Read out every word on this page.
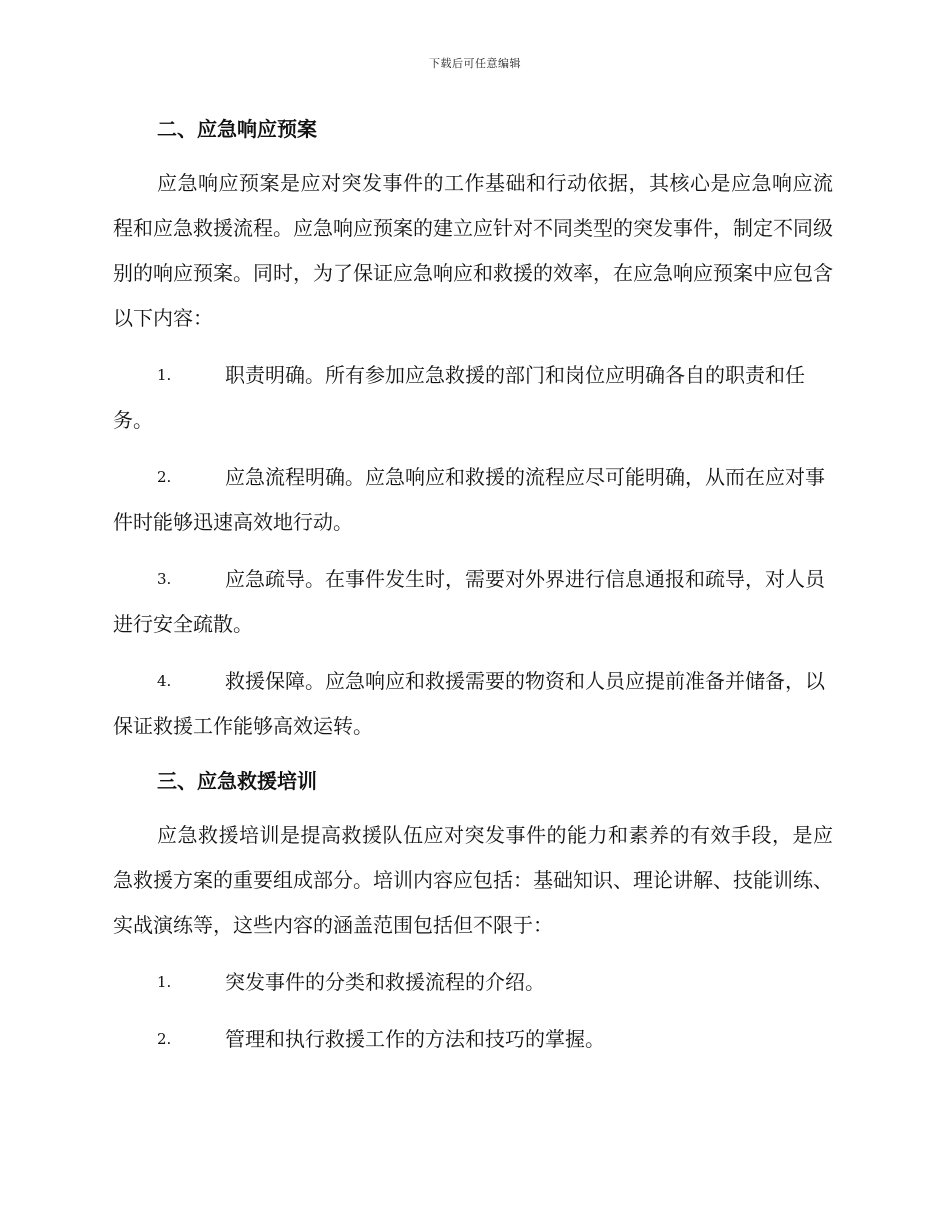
下载后可任意编辑
二、应急响应预案

应急响应预案是应对突发事件的工作基础和行动依据，其核心是应急响应流程和应急救援流程。应急响应预案的建立应针对不同类型的突发事件，制定不同级别的响应预案。同时，为了保证应急响应和救援的效率，在应急响应预案中应包含以下内容：

1.	职责明确。所有参加应急救援的部门和岗位应明确各自的职责和任务。
2.	应急流程明确。应急响应和救援的流程应尽可能明确，从而在应对事件时能够迅速高效地行动。
3.	应急疏导。在事件发生时，需要对外界进行信息通报和疏导，对人员进行安全疏散。
4.	救援保障。应急响应和救援需要的物资和人员应提前准备并储备，以保证救援工作能够高效运转。
三、应急救援培训

应急救援培训是提高救援队伍应对突发事件的能力和素养的有效手段，是应急救援方案的重要组成部分。培训内容应包括：基础知识、理论讲解、技能训练、实战演练等，这些内容的涵盖范围包括但不限于：

1.	突发事件的分类和救援流程的介绍。
2.	管理和执行救援工作的方法和技巧的掌握。
